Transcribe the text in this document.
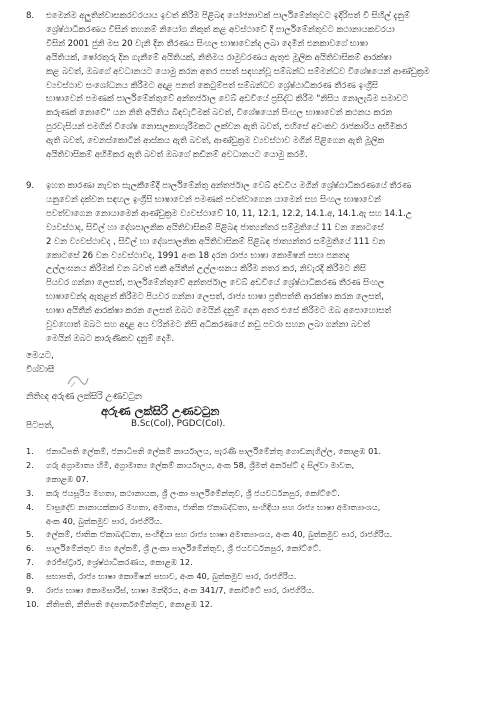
8. එමෙන්ම අලුතින්වාසකරවරයාය ඉවත් කිරීම පිළිබඳ යෝජනාවක් පාර්ලිමේන්තුවට ඉදිරිපත් වී සිහිල් දැනුම්
ශ්‍රේෂ්ඨාධිකරණය විසින් තහනම් නියෝග නිකුත් කළ අවස්ථාවේ දී පාර්ලිමේන්තුවට කථානායකවරයා
විසින් 2001 ජුනි මස 20 වැනි දින තීරණය සිංහල භාෂාවෙන්ද ලබා දෙමින් එනකාවගේ භාෂා
අයිතියක්, ෂෝරතුරු දින ගැනීමේ අයිතියක්, නිතිමය රාමුවරණය ඇතුළු මූලික අයිතිවාසිකම් ආරක්ෂා
කළ බවත්, ඔබගේ අවධානයට යොමු කරන අතර පසත් සඳහන්වූ සම්බන්ධ සම්මන්ධව විශේෂයෙන් ආණ්ඩුක්‍රම
ව්‍යවස්ථාව සංශෝධනය කිරීමට අදාළ පනත් කෙටුම්පත් සම්බන්ධව ශ්‍රේෂ්ඨාධිකරණ තීරණ ඉංග්‍රීසි
භාෂාවෙන් පමණක් පාර්ලිමේන්තුවේ අන්තර්ජාල වෙබ් අඩවියේ ප්‍රසිද්ධ කිරීම "නිසිය නොලැබීම සමාවට
කරුණක් නොවේ" යන නිති අයිතිය බිඳවැටීමක් බවත්, විශේෂයෙන් සිංහල භාෂාවෙන් කථනය කරන
පුරවැසියන් එමගින් විශේෂ නොසලකාහැරීමකට ලක්වන ඇති බවත්, එහිසේ අවංකව රාජකාරිය අභිමිකර
ඇති බවත්, චෙනස්කොටින් ආස්කය ඇති බවත්, ආණ්ඩුක්‍රම ව්‍යවස්ථාව මගින් පිළිගෙන ඇති මූලික
අයිතිවාසිකම් අහිමිකර ඇති බවත් ඔබගේ කඩිනම් අවධානයට යොමු කරමි.
9. ඉහත කාරණා නැවත සැලකීමේදී පාර්ලිමේන්තු අන්තර්ජාල වෙබ් අඩවිය මගින් ශ්‍රේෂ්ඨාධිකරණයේ තීරණ
යනුවෙන් දක්වන සඳහල ඉංග්‍රීසි භාෂාවෙන් පමණක් පවත්වාගෙන යාමෙන් සහ සිංහල භාෂාවෙන්
පවත්වාගෙන නොයාමෙන් ආණ්ඩුක්‍රම ව්‍යවස්ථාවේ 10, 11, 12.1, 12.2, 14.1.අ, 14.1.ඇ සහ 14.1.උ
ව්‍යවස්ථාද, සිවිල් හා දේශපාලනික අයිතිවාසිකම් පිළිබඳ ජාත්‍යන්තර සම්මුතියේ 11 වන කොටසේ
2 වන ව්‍යවස්ථාවද , සිවිල් හා දේශපාලනික අයිතිවාසිකම් පිළිබඳ ජාත්‍යන්තර සම්මුතියේ 111 වන
කොටසේ 26 වන ව්‍යවස්ථාවද, 1991 අංක 18 දරන රාජ්‍ය භාෂා කොමිෂන් සභා පනතද
උල්ලංඝනය කිරීමක් වන බවත් එකී අයිතීන් උල්ලංඝනය කිරීම නතර කර, නිවැරදි කිරීමට නිසි
පියවර ගන්නා ලෙසත්, පාර්ලිමේන්තුවේ අන්තර්ජාල වෙබ් අඩවියේ ශ්‍රේෂ්ඨාධිකරණ තීරණ සිංහල
භාෂාවෙන්ද ඇතුළත් කිරීමට පියවර ගන්නා ලෙසත්, රාජ්‍ය භාෂා ප්‍රතිපත්ති ආරක්ෂා කරන ලෙසත්,
භාෂා අයිතීන් ආරක්ෂා කරන ලෙසත් ඔබට මෙයින් දනුම් දෙන අතර එසේ කිරීමට ඔබ අපොහොසත්
වුවහොත් ඔබට සහ අදාළ අය වරින්මට නිසි අධිකරණයේ නඩු පවරා සහන ලබා ගන්නා බවත්
මෙයින් ඔබට කාරුණිකව දනුම් දෙමි.
මෙයට,
විශ්වාසී
නිතිඥ අරුණ ලක්සිරි උණවටුන
අරුණ ලක්සිරි උණවටුන
පිටපත්,	B.Sc(Col), PGDC(Col).
1.	ජනාධිපති ලේකම්, ජනාධිපති ලේකම් කාර්යාලය, පැරණි පාර්ලිමේන්තු ගොඩනැගිල්ල, කොළඹ 01.
2.	ගරු අග්‍රාමාත්‍ය හිමි, අග්‍රාමාත්‍ය ලේකම් කාර්යාලය, අංක 58, ශ්‍රීමත් අර්නස්ට් ද සිල්වා මාවත,
කොළඹ 07.
3.	කරු ජයසූරිය මහතා, කථානායක, ශ්‍රී ලංකා පාර්ලිමේන්තුව, ශ්‍රී ජයවර්ධනපුර, කෝට්ටේ.
4.	වාසුදේව නානායක්කාර මහතා, අමාත්‍ය, ජාතික ඒකාබද්ධතා, සංහිඳියා සහ රාජ්‍ය භාෂා අමාත්‍යාංශය,
අංක 40, බුත්කමුව පාර, රාජගිරිය.
5.	ලේකම්, ජාතික ඒකාබද්ධතා, සංහිඳියා සහ රාජ්‍ය භාෂා අමාත්‍යාංශය, අංක 40, බුත්කමුව පාර, රාජගිරිය.
6.	පාර්ලිමේන්තුව මහ ලේකම්, ශ්‍රී ලංකා පාර්ලිමේන්තුව, ශ්‍රී ජයවර්ධනපුර, කෝට්ටේ.
7.	රෙජිස්ට්‍රාර්, ශ්‍රේෂ්ඨාධිකරණය, කොළඹ 12.
8.	සභාපති, රාජ්‍ය භාෂා කොමිෂන් සභාව, අංක 40, බුත්කමුව පාර, රාජගිරිය.
9.	රාජ්‍ය භාෂා කොමසාරිස්, භාෂා මන්දිරය, අංක 341/7, කෝට්ටේ පාර, රාජගිරිය.
10. නීතිපති, නීතිපති දෙපාර්තමේන්තුව, කොළඹ 12.
